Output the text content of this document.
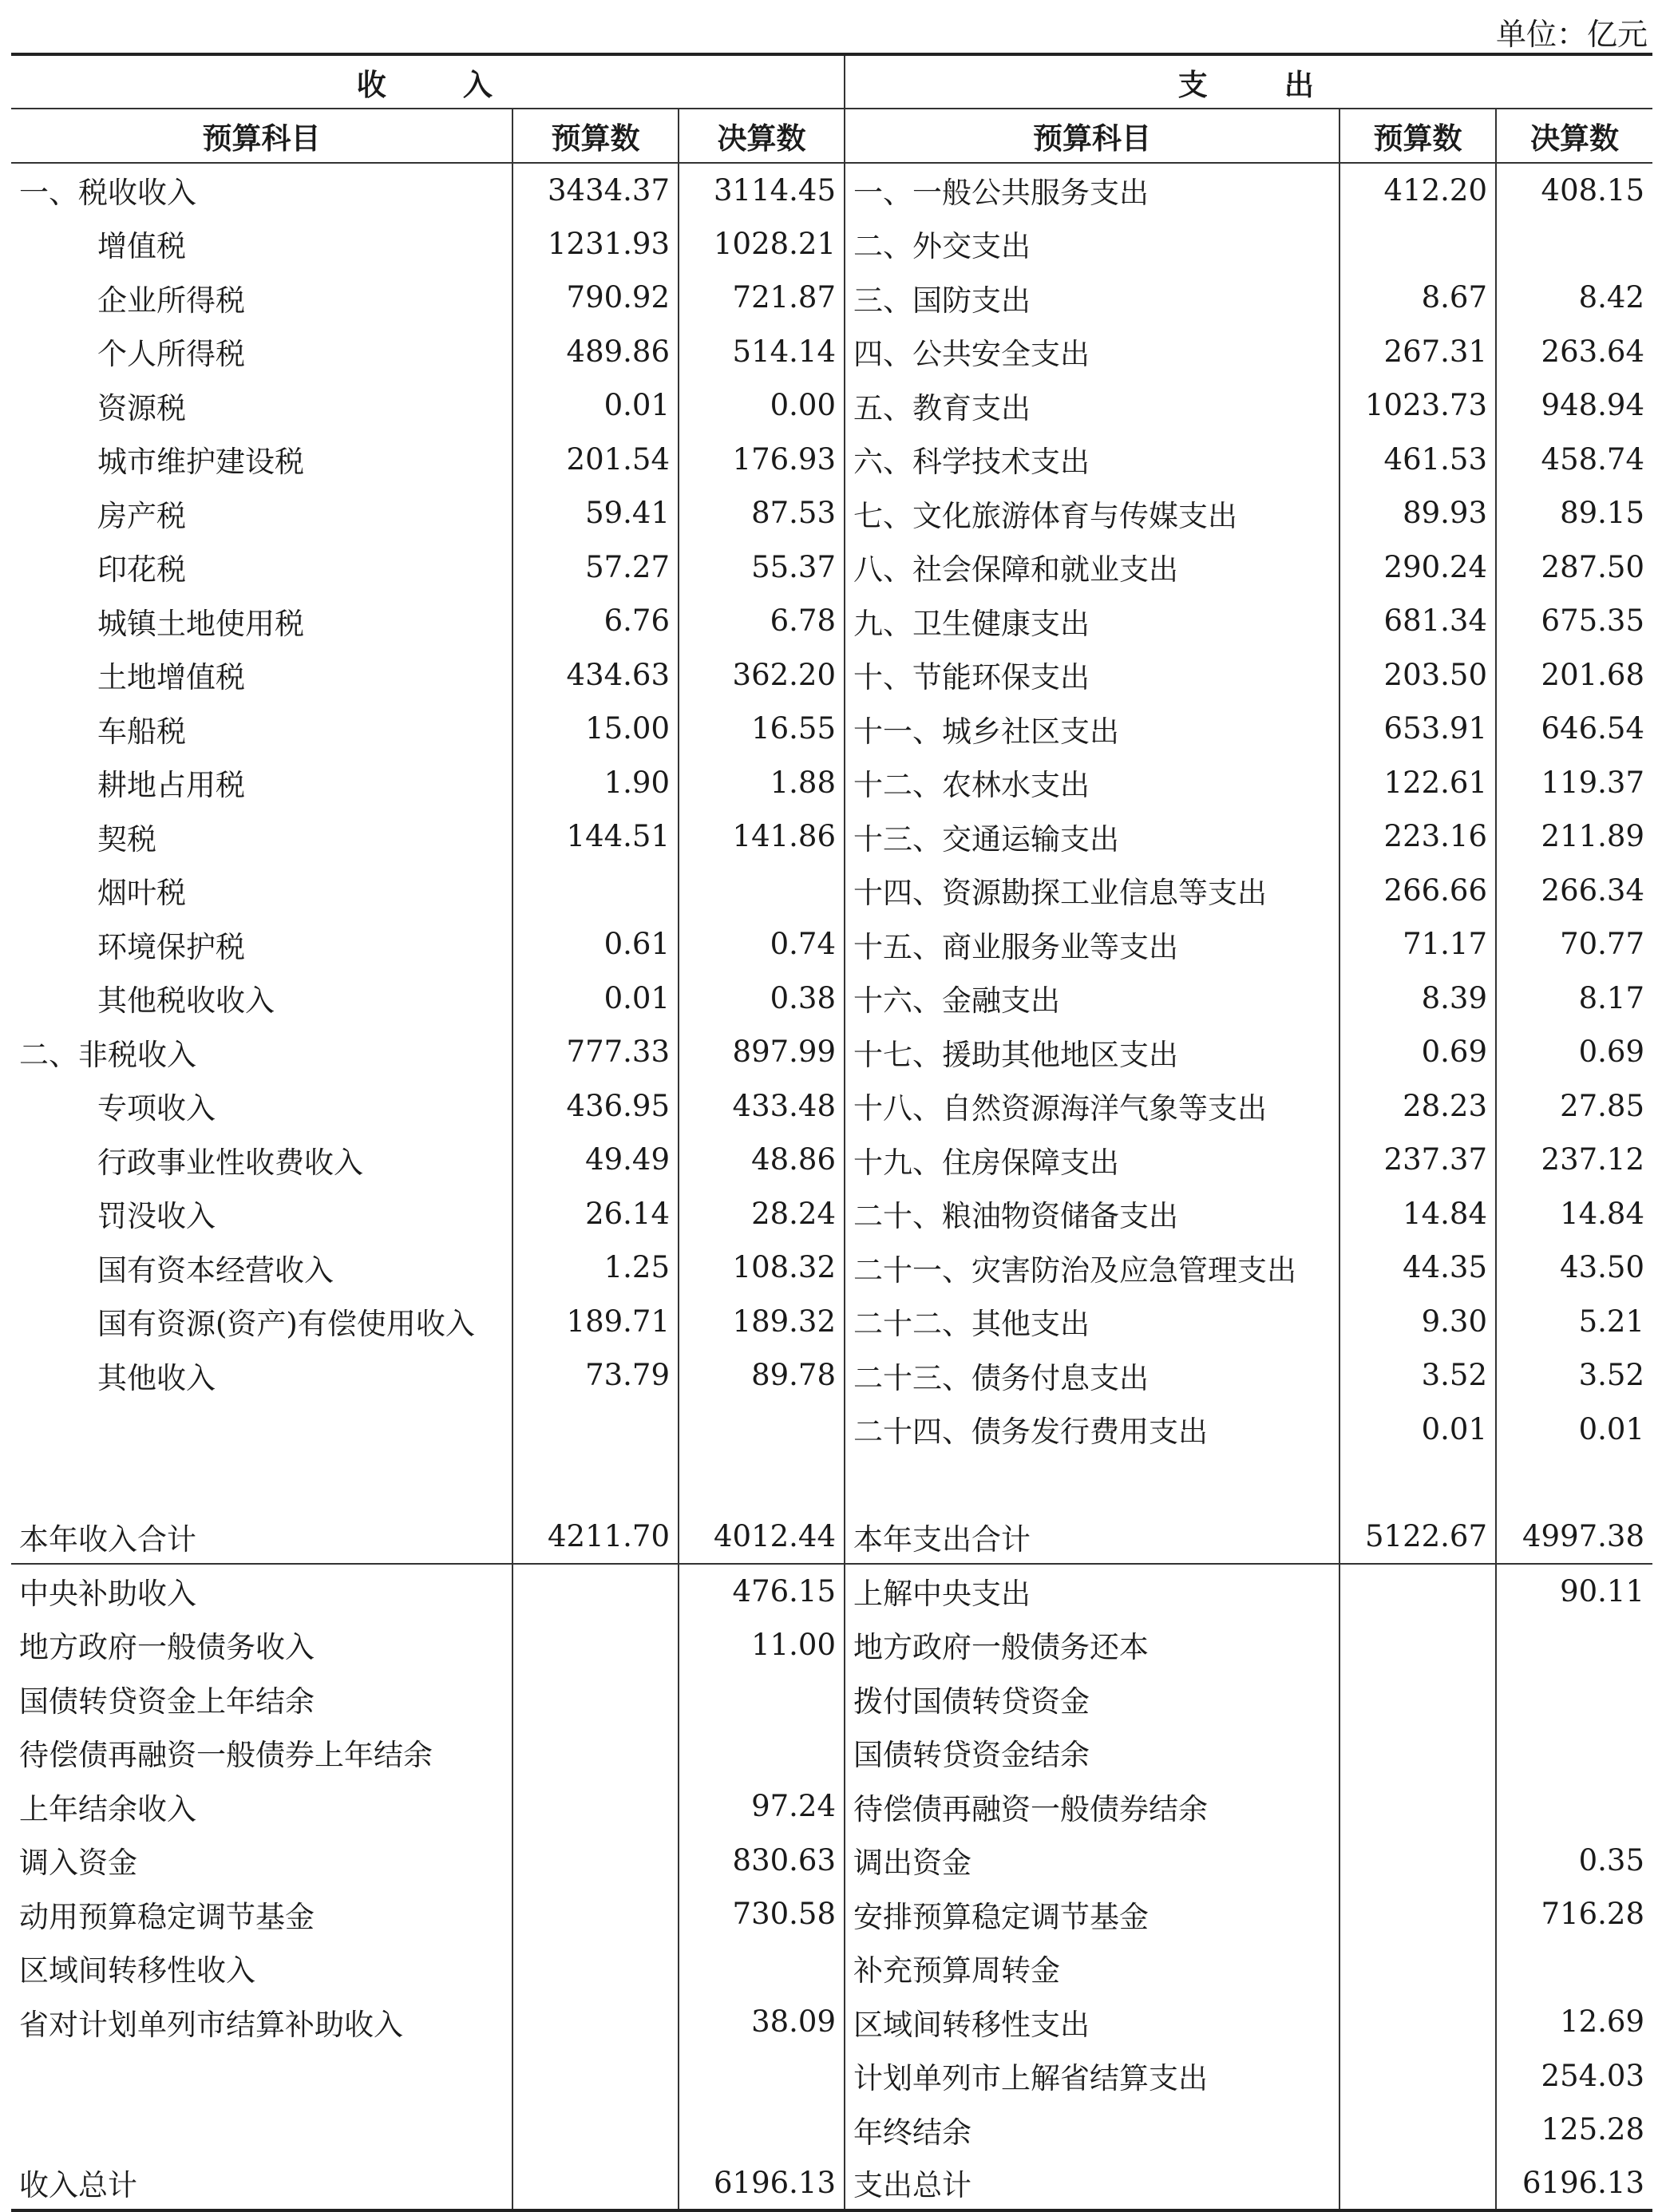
单位：亿元
收　　入			支　　出		
预算科目	预算数	决算数	预算科目	预算数	决算数
一、税收收入	3434.37	3114.45	一、一般公共服务支出	412.20	408.15
增值税	1231.93	1028.21	二、外交支出		
企业所得税	790.92	721.87	三、国防支出	8.67	8.42
个人所得税	489.86	514.14	四、公共安全支出	267.31	263.64
资源税	0.01	0.00	五、教育支出	1023.73	948.94
城市维护建设税	201.54	176.93	六、科学技术支出	461.53	458.74
房产税	59.41	87.53	七、文化旅游体育与传媒支出	89.93	89.15
印花税	57.27	55.37	八、社会保障和就业支出	290.24	287.50
城镇土地使用税	6.76	6.78	九、卫生健康支出	681.34	675.35
土地增值税	434.63	362.20	十、节能环保支出	203.50	201.68
车船税	15.00	16.55	十一、城乡社区支出	653.91	646.54
耕地占用税	1.90	1.88	十二、农林水支出	122.61	119.37
契税	144.51	141.86	十三、交通运输支出	223.16	211.89
烟叶税			十四、资源勘探工业信息等支出	266.66	266.34
环境保护税	0.61	0.74	十五、商业服务业等支出	71.17	70.77
其他税收收入	0.01	0.38	十六、金融支出	8.39	8.17
二、非税收入	777.33	897.99	十七、援助其他地区支出	0.69	0.69
专项收入	436.95	433.48	十八、自然资源海洋气象等支出	28.23	27.85
行政事业性收费收入	49.49	48.86	十九、住房保障支出	237.37	237.12
罚没收入	26.14	28.24	二十、粮油物资储备支出	14.84	14.84
国有资本经营收入	1.25	108.32	二十一、灾害防治及应急管理支出	44.35	43.50
国有资源(资产)有偿使用收入	189.71	189.32	二十二、其他支出	9.30	5.21
其他收入	73.79	89.78	二十三、债务付息支出	3.52	3.52
			二十四、债务发行费用支出	0.01	0.01

本年收入合计	4211.70	4012.44	本年支出合计	5122.67	4997.38
中央补助收入		476.15	上解中央支出		90.11
地方政府一般债务收入		11.00	地方政府一般债务还本		
国债转贷资金上年结余			拨付国债转贷资金		
待偿债再融资一般债券上年结余			国债转贷资金结余		
上年结余收入		97.24	待偿债再融资一般债券结余		
调入资金		830.63	调出资金		0.35
动用预算稳定调节基金		730.58	安排预算稳定调节基金		716.28
区域间转移性收入			补充预算周转金		
省对计划单列市结算补助收入		38.09	区域间转移性支出		12.69
			计划单列市上解省结算支出		254.03
			年终结余		125.28
收入总计		6196.13	支出总计		6196.13
